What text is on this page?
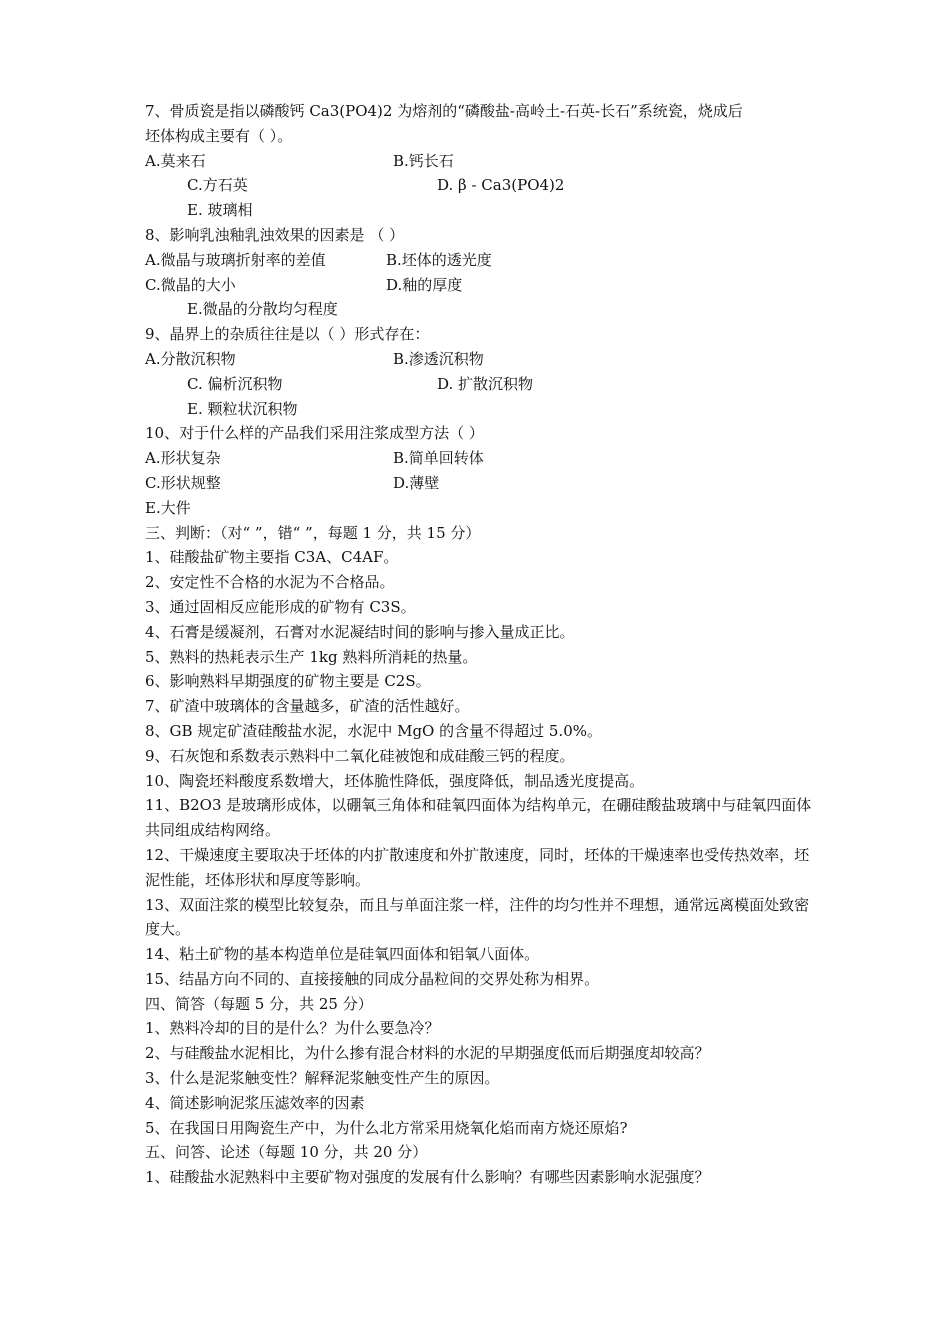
7、骨质瓷是指以磷酸钙 Ca3(PO4)2 为熔剂的“磷酸盐-高岭土-石英-长石”系统瓷，烧成后
坯体构成主要有（ ）。
A.莫来石	B.钙长石
C.方石英	D. β - Ca3(PO4)2
E. 玻璃相
8、影响乳浊釉乳浊效果的因素是 （ ）
A.微晶与玻璃折射率的差值	B.坯体的透光度
C.微晶的大小	D.釉的厚度
E.微晶的分散均匀程度
9、晶界上的杂质往往是以（ ）形式存在：
A.分散沉积物	B.渗透沉积物
C. 偏析沉积物	D. 扩散沉积物
E. 颗粒状沉积物
10、对于什么样的产品我们采用注浆成型方法（ ）
A.形状复杂	B.简单回转体
C.形状规整	D.薄壁
E.大件
三、判断：（对“ ”，错“ ”，每题 1 分，共 15 分）
1、硅酸盐矿物主要指 C3A、C4AF。
2、安定性不合格的水泥为不合格品。
3、通过固相反应能形成的矿物有 C3S。
4、石膏是缓凝剂，石膏对水泥凝结时间的影响与掺入量成正比。
5、熟料的热耗表示生产 1kg 熟料所消耗的热量。
6、影响熟料早期强度的矿物主要是 C2S。
7、矿渣中玻璃体的含量越多，矿渣的活性越好。
8、GB 规定矿渣硅酸盐水泥，水泥中 MgO 的含量不得超过 5.0%。
9、石灰饱和系数表示熟料中二氧化硅被饱和成硅酸三钙的程度。
10、陶瓷坯料酸度系数增大，坯体脆性降低，强度降低，制品透光度提高。
11、B2O3 是玻璃形成体，以硼氧三角体和硅氧四面体为结构单元，在硼硅酸盐玻璃中与硅氧四面体共同组成结构网络。
12、干燥速度主要取决于坯体的内扩散速度和外扩散速度，同时，坯体的干燥速率也受传热效率，坯泥性能，坯体形状和厚度等影响。
13、双面注浆的模型比较复杂，而且与单面注浆一样，注件的均匀性并不理想，通常远离模面处致密度大。
14、粘土矿物的基本构造单位是硅氧四面体和铝氧八面体。
15、结晶方向不同的、直接接触的同成分晶粒间的交界处称为相界。
四、简答（每题 5 分，共 25 分）
1、熟料冷却的目的是什么？为什么要急冷？
2、与硅酸盐水泥相比，为什么掺有混合材料的水泥的早期强度低而后期强度却较高？
3、什么是泥浆触变性？解释泥浆触变性产生的原因。
4、简述影响泥浆压滤效率的因素
5、在我国日用陶瓷生产中，为什么北方常采用烧氧化焰而南方烧还原焰?
五、问答、论述（每题 10 分，共 20 分）
1、硅酸盐水泥熟料中主要矿物对强度的发展有什么影响？有哪些因素影响水泥强度？
